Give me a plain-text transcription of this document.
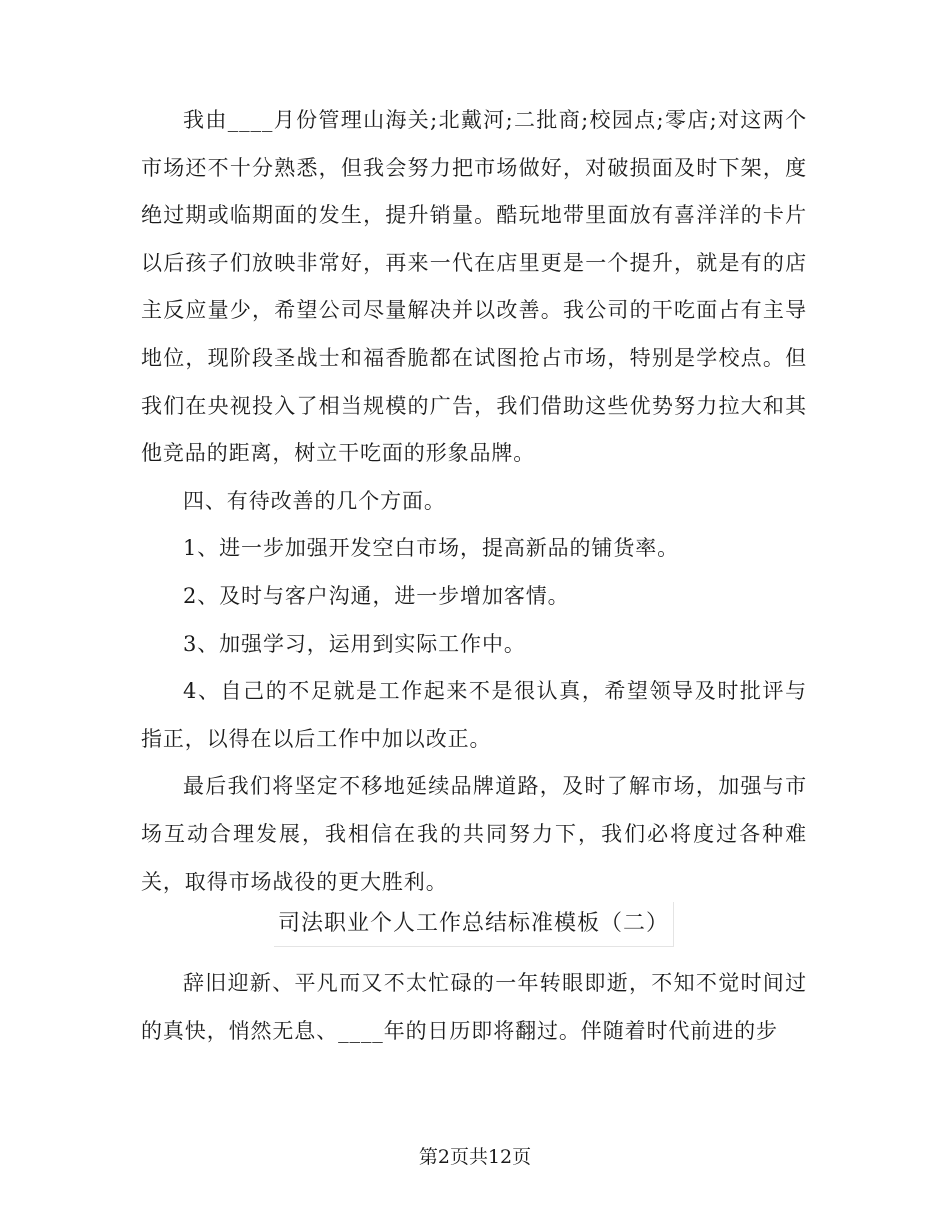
我由____月份管理山海关;北戴河;二批商;校园点;零店;对这两个市场还不十分熟悉，但我会努力把市场做好，对破损面及时下架，度绝过期或临期面的发生，提升销量。酷玩地带里面放有喜洋洋的卡片以后孩子们放映非常好，再来一代在店里更是一个提升，就是有的店主反应量少，希望公司尽量解决并以改善。我公司的干吃面占有主导地位，现阶段圣战士和福香脆都在试图抢占市场，特别是学校点。但我们在央视投入了相当规模的广告，我们借助这些优势努力拉大和其他竞品的距离，树立干吃面的形象品牌。

四、有待改善的几个方面。

1、进一步加强开发空白市场，提高新品的铺货率。

2、及时与客户沟通，进一步增加客情。

3、加强学习，运用到实际工作中。

4、自己的不足就是工作起来不是很认真，希望领导及时批评与指正，以得在以后工作中加以改正。

最后我们将坚定不移地延续品牌道路，及时了解市场，加强与市场互动合理发展，我相信在我的共同努力下，我们必将度过各种难关，取得市场战役的更大胜利。

司法职业个人工作总结标准模板（二）

辞旧迎新、平凡而又不太忙碌的一年转眼即逝，不知不觉时间过的真快，悄然无息、____年的日历即将翻过。伴随着时代前进的步

第2页共12页
